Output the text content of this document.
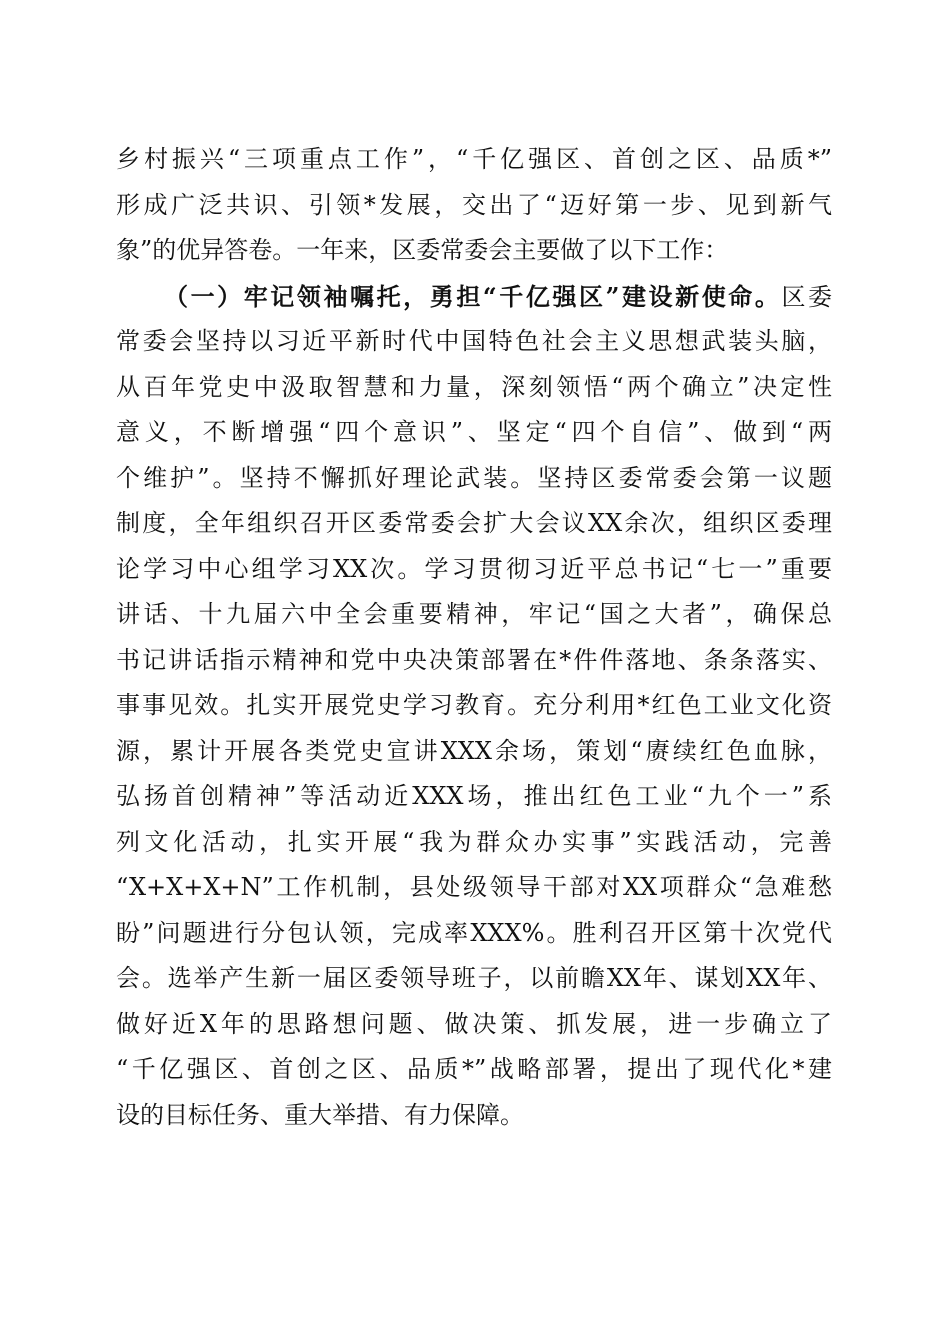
乡村振兴“三项重点工作”，“千亿强区、首创之区、品质*”
形成广泛共识、引领*发展，交出了“迈好第一步、见到新气
象”的优异答卷。一年来，区委常委会主要做了以下工作：
（一）牢记领袖嘱托，勇担“千亿强区”建设新使命。区委
常委会坚持以习近平新时代中国特色社会主义思想武装头脑，
从百年党史中汲取智慧和力量，深刻领悟“两个确立”决定性
意义，不断增强“四个意识”、坚定“四个自信”、做到“两
个维护”。坚持不懈抓好理论武装。坚持区委常委会第一议题
制度，全年组织召开区委常委会扩大会议XX余次，组织区委理
论学习中心组学习XX次。学习贯彻习近平总书记“七一”重要
讲话、十九届六中全会重要精神，牢记“国之大者”，确保总
书记讲话指示精神和党中央决策部署在*件件落地、条条落实、
事事见效。扎实开展党史学习教育。充分利用*红色工业文化资
源，累计开展各类党史宣讲XXX余场，策划“赓续红色血脉，
弘扬首创精神”等活动近XXX场，推出红色工业“九个一”系
列文化活动，扎实开展“我为群众办实事”实践活动，完善
“X+X+X+N”工作机制，县处级领导干部对XX项群众“急难愁
盼”问题进行分包认领，完成率XXX%。胜利召开区第十次党代
会。选举产生新一届区委领导班子，以前瞻XX年、谋划XX年、
做好近X年的思路想问题、做决策、抓发展，进一步确立了
“千亿强区、首创之区、品质*”战略部署，提出了现代化*建
设的目标任务、重大举措、有力保障。
